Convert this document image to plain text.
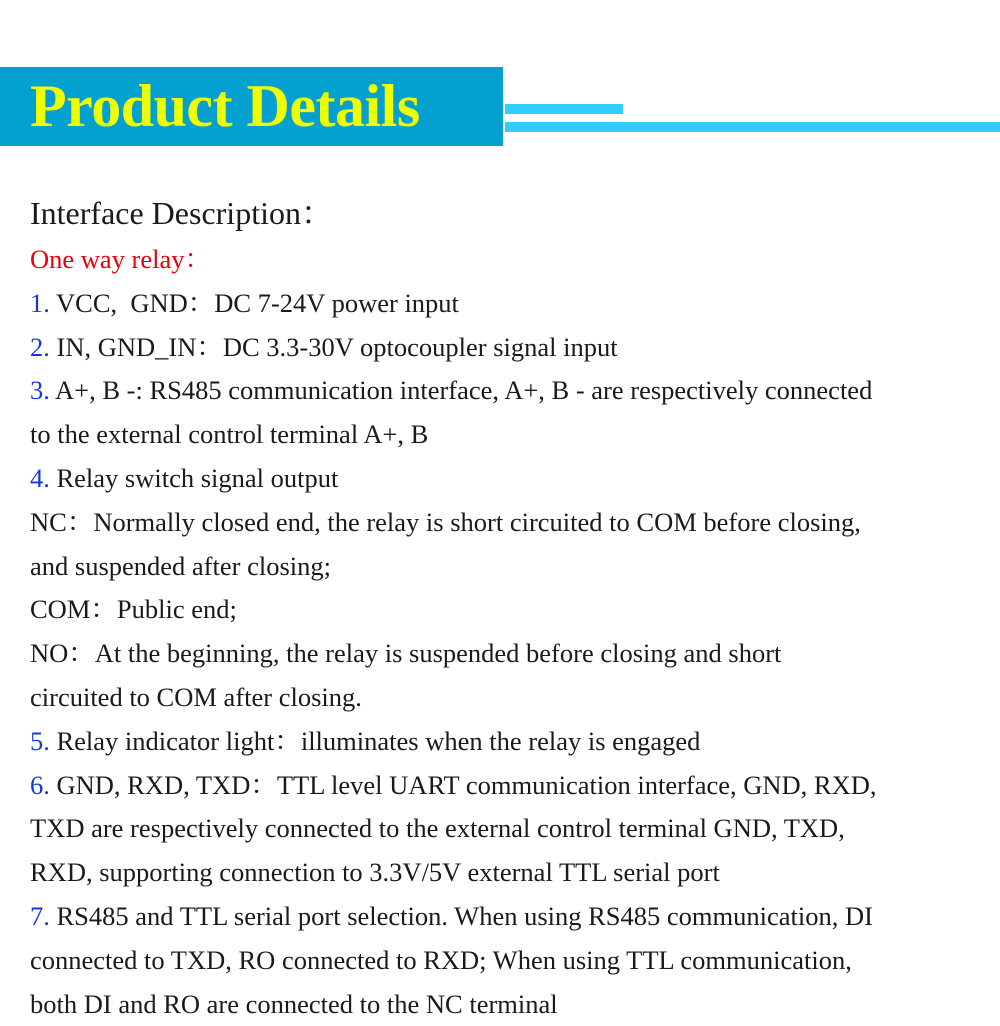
Product Details
Interface Description：
One way relay：
1. VCC,  GND：DC 7-24V power input
2. IN, GND_IN：DC 3.3-30V optocoupler signal input
3. A+, B -: RS485 communication interface, A+, B - are respectively connected
to the external control terminal A+, B
4. Relay switch signal output
NC：Normally closed end, the relay is short circuited to COM before closing,
and suspended after closing;
COM：Public end;
NO：At the beginning, the relay is suspended before closing and short
circuited to COM after closing.
5. Relay indicator light：illuminates when the relay is engaged
6. GND, RXD, TXD：TTL level UART communication interface, GND, RXD,
TXD are respectively connected to the external control terminal GND, TXD,
RXD, supporting connection to 3.3V/5V external TTL serial port
7. RS485 and TTL serial port selection. When using RS485 communication, DI
connected to TXD, RO connected to RXD; When using TTL communication,
both DI and RO are connected to the NC terminal
